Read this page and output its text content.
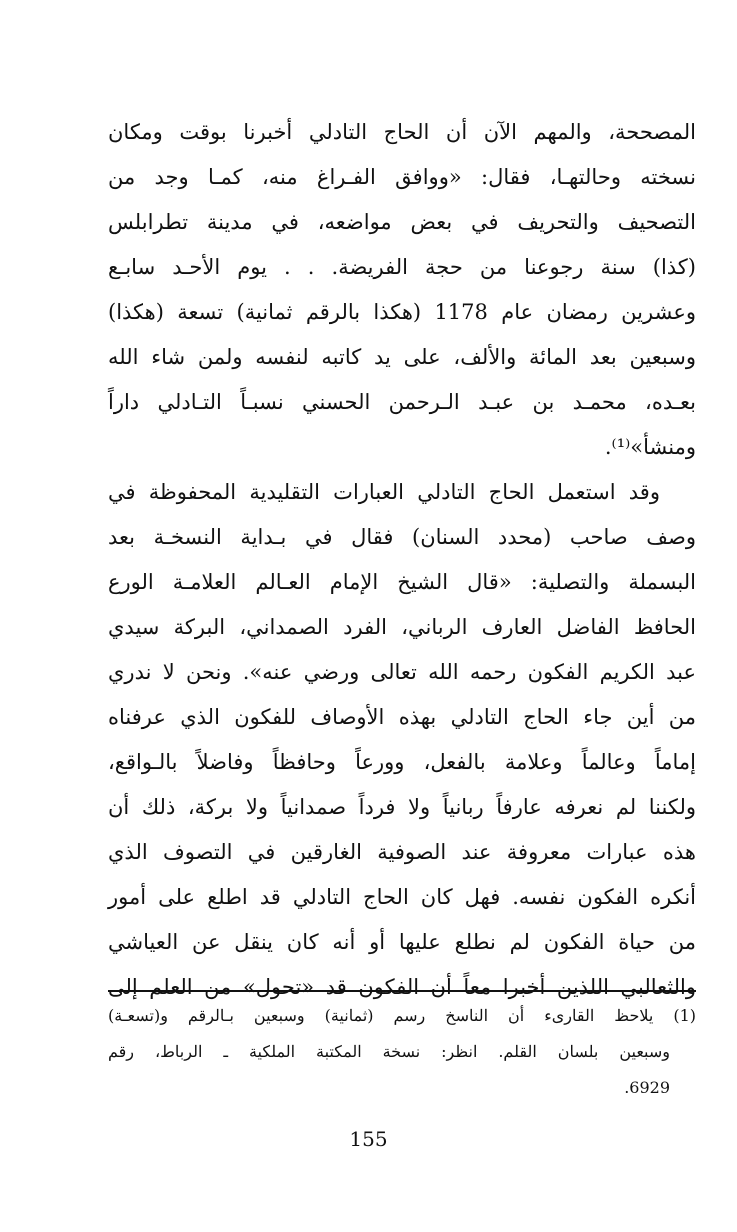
المصححة، والمهم الآن أن الحاج التادلي أخبرنا بوقت ومكان
نسخته وحالتهـا، فقال: «ووافق الفـراغ منه، كمـا وجد من
التصحيف والتحريف في بعض مواضعه، في مدينة تطرابلس
(كذا) سنة رجوعنا من حجة الفريضة. . . يوم الأحـد سابـع
وعشرين رمضان عام 1178 (هكذا بالرقم ثمانية) تسعة (هكذا)
وسبعين بعد المائة والألف، على يد كاتبه لنفسه ولمن شاء الله
بعـده، محمـد بن عبـد الـرحمن الحسني نسبـاً التـادلي داراً
ومنشأ»⁽¹⁾.
وقد استعمل الحاج التادلي العبارات التقليدية المحفوظة في
وصف صاحب (محدد السنان) فقال في بـداية النسخـة بعد
البسملة والتصلية: «قال الشيخ الإمام العـالم العلامـة الورع
الحافظ الفاضل العارف الرباني، الفرد الصمداني، البركة سيدي
عبد الكريم الفكون رحمه الله تعالى ورضي عنه». ونحن لا ندري
من أين جاء الحاج التادلي بهذه الأوصاف للفكون الذي عرفناه
إماماً وعالماً وعلامة بالفعل، وورعاً وحافظاً وفاضلاً بالـواقع،
ولكننا لم نعرفه عارفاً ربانياً ولا فرداً صمدانياً ولا بركة، ذلك أن
هذه عبارات معروفة عند الصوفية الغارقين في التصوف الذي
أنكره الفكون نفسه. فهل كان الحاج التادلي قد اطلع على أمور
من حياة الفكون لم نطلع عليها أو أنه كان ينقل عن العياشي
والثعالبي اللذين أخبرا معاً أن الفكون قد «تحول» من العلم إلى
(1) يلاحظ القارىء أن الناسخ رسم (ثمانية) وسبعين بـالرقم و(تسعـة)
وسبعين بلسان القلم. انظر: نسخة المكتبة الملكية ـ الرباط، رقم
6929.
155
